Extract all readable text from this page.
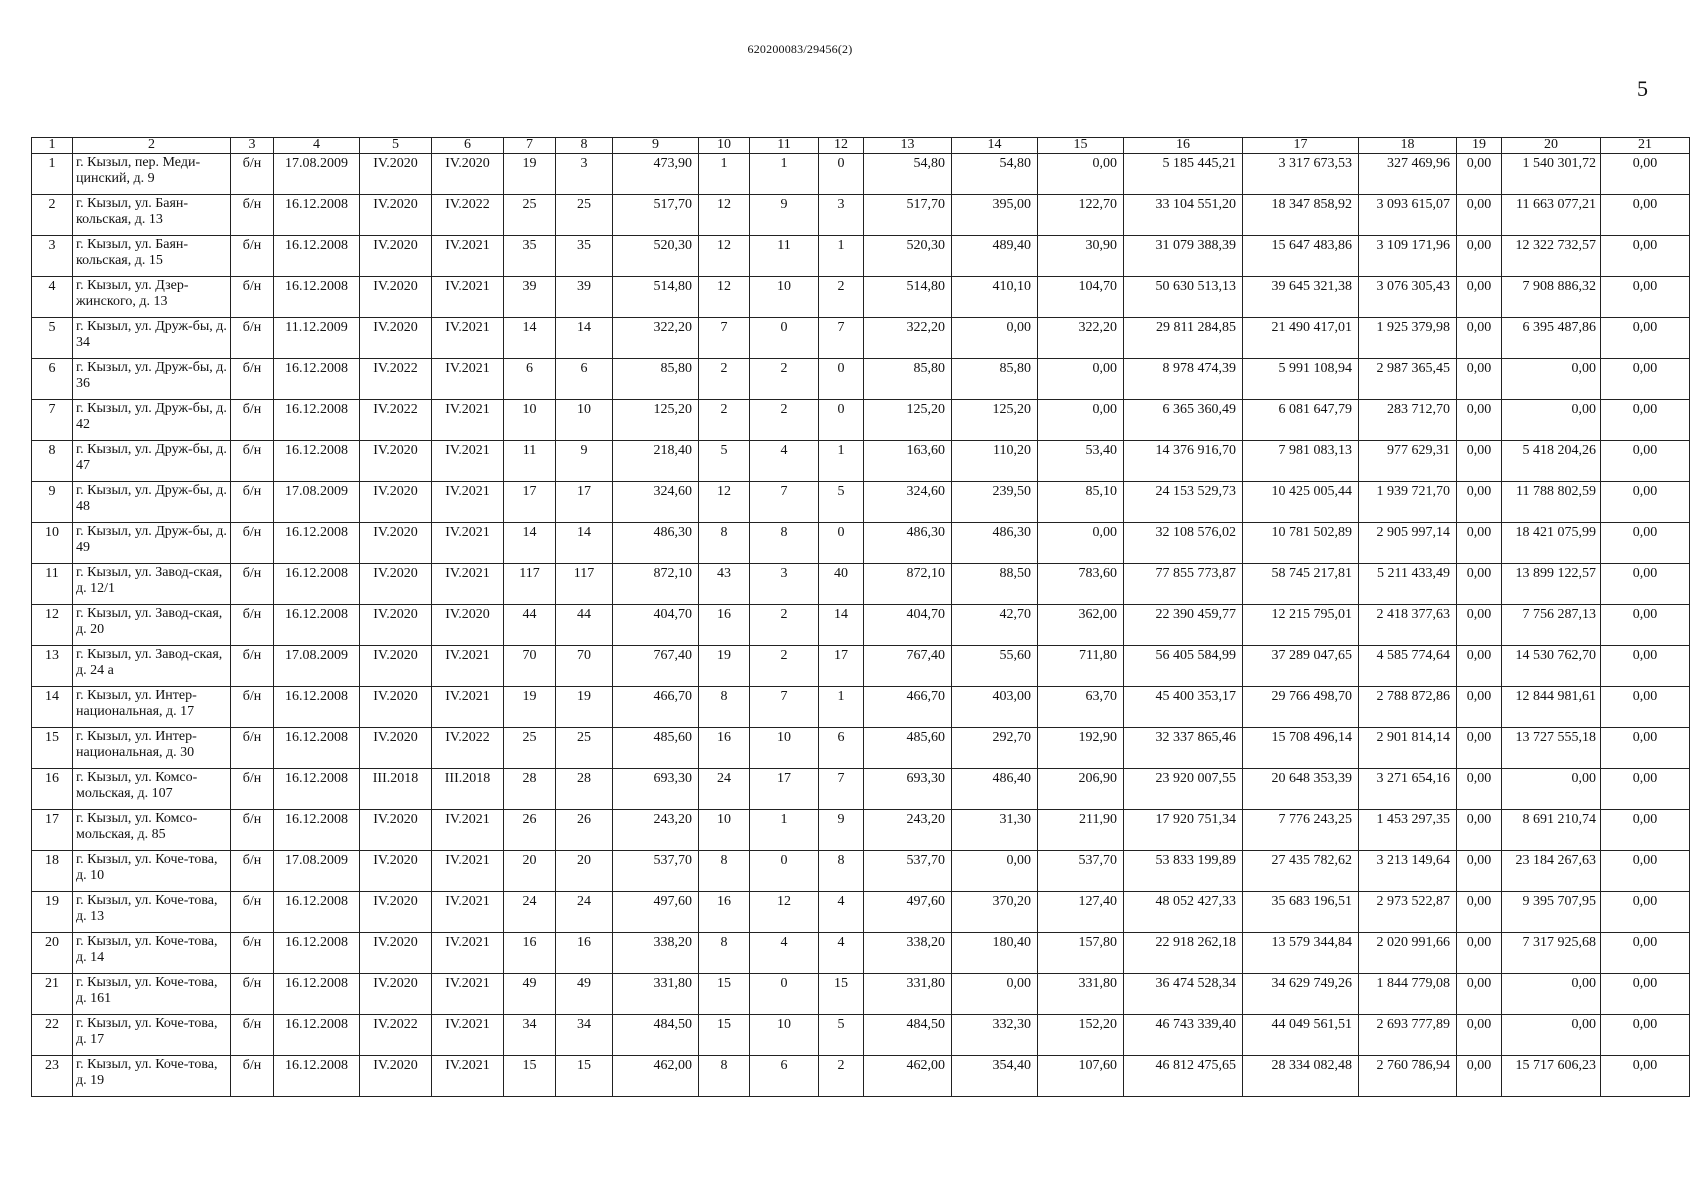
620200083/29456(2)
5
1	2	3	4	5	6	7	8	9	10	11	12	13	14	15	16	17	18	19	20	21
1	г. Кызыл, пер. Меди-цинский, д. 9	б/н	17.08.2009	IV.2020	IV.2020	19	3	473,90	1	1	0	54,80	54,80	0,00	5 185 445,21	3 317 673,53	327 469,96	0,00	1 540 301,72	0,00
2	г. Кызыл, ул. Баян-кольская, д. 13	б/н	16.12.2008	IV.2020	IV.2022	25	25	517,70	12	9	3	517,70	395,00	122,70	33 104 551,20	18 347 858,92	3 093 615,07	0,00	11 663 077,21	0,00
3	г. Кызыл, ул. Баян-кольская, д. 15	б/н	16.12.2008	IV.2020	IV.2021	35	35	520,30	12	11	1	520,30	489,40	30,90	31 079 388,39	15 647 483,86	3 109 171,96	0,00	12 322 732,57	0,00
4	г. Кызыл, ул. Дзер-жинского, д. 13	б/н	16.12.2008	IV.2020	IV.2021	39	39	514,80	12	10	2	514,80	410,10	104,70	50 630 513,13	39 645 321,38	3 076 305,43	0,00	7 908 886,32	0,00
5	г. Кызыл, ул. Друж-бы, д. 34	б/н	11.12.2009	IV.2020	IV.2021	14	14	322,20	7	0	7	322,20	0,00	322,20	29 811 284,85	21 490 417,01	1 925 379,98	0,00	6 395 487,86	0,00
6	г. Кызыл, ул. Друж-бы, д. 36	б/н	16.12.2008	IV.2022	IV.2021	6	6	85,80	2	2	0	85,80	85,80	0,00	8 978 474,39	5 991 108,94	2 987 365,45	0,00	0,00	0,00
7	г. Кызыл, ул. Друж-бы, д. 42	б/н	16.12.2008	IV.2022	IV.2021	10	10	125,20	2	2	0	125,20	125,20	0,00	6 365 360,49	6 081 647,79	283 712,70	0,00	0,00	0,00
8	г. Кызыл, ул. Друж-бы, д. 47	б/н	16.12.2008	IV.2020	IV.2021	11	9	218,40	5	4	1	163,60	110,20	53,40	14 376 916,70	7 981 083,13	977 629,31	0,00	5 418 204,26	0,00
9	г. Кызыл, ул. Друж-бы, д. 48	б/н	17.08.2009	IV.2020	IV.2021	17	17	324,60	12	7	5	324,60	239,50	85,10	24 153 529,73	10 425 005,44	1 939 721,70	0,00	11 788 802,59	0,00
10	г. Кызыл, ул. Друж-бы, д. 49	б/н	16.12.2008	IV.2020	IV.2021	14	14	486,30	8	8	0	486,30	486,30	0,00	32 108 576,02	10 781 502,89	2 905 997,14	0,00	18 421 075,99	0,00
11	г. Кызыл, ул. Завод-ская, д. 12/1	б/н	16.12.2008	IV.2020	IV.2021	117	117	872,10	43	3	40	872,10	88,50	783,60	77 855 773,87	58 745 217,81	5 211 433,49	0,00	13 899 122,57	0,00
12	г. Кызыл, ул. Завод-ская, д. 20	б/н	16.12.2008	IV.2020	IV.2020	44	44	404,70	16	2	14	404,70	42,70	362,00	22 390 459,77	12 215 795,01	2 418 377,63	0,00	7 756 287,13	0,00
13	г. Кызыл, ул. Завод-ская, д. 24 а	б/н	17.08.2009	IV.2020	IV.2021	70	70	767,40	19	2	17	767,40	55,60	711,80	56 405 584,99	37 289 047,65	4 585 774,64	0,00	14 530 762,70	0,00
14	г. Кызыл, ул. Интер-национальная, д. 17	б/н	16.12.2008	IV.2020	IV.2021	19	19	466,70	8	7	1	466,70	403,00	63,70	45 400 353,17	29 766 498,70	2 788 872,86	0,00	12 844 981,61	0,00
15	г. Кызыл, ул. Интер-национальная, д. 30	б/н	16.12.2008	IV.2020	IV.2022	25	25	485,60	16	10	6	485,60	292,70	192,90	32 337 865,46	15 708 496,14	2 901 814,14	0,00	13 727 555,18	0,00
16	г. Кызыл, ул. Комсо-мольская, д. 107	б/н	16.12.2008	III.2018	III.2018	28	28	693,30	24	17	7	693,30	486,40	206,90	23 920 007,55	20 648 353,39	3 271 654,16	0,00	0,00	0,00
17	г. Кызыл, ул. Комсо-мольская, д. 85	б/н	16.12.2008	IV.2020	IV.2021	26	26	243,20	10	1	9	243,20	31,30	211,90	17 920 751,34	7 776 243,25	1 453 297,35	0,00	8 691 210,74	0,00
18	г. Кызыл, ул. Коче-това, д. 10	б/н	17.08.2009	IV.2020	IV.2021	20	20	537,70	8	0	8	537,70	0,00	537,70	53 833 199,89	27 435 782,62	3 213 149,64	0,00	23 184 267,63	0,00
19	г. Кызыл, ул. Коче-това, д. 13	б/н	16.12.2008	IV.2020	IV.2021	24	24	497,60	16	12	4	497,60	370,20	127,40	48 052 427,33	35 683 196,51	2 973 522,87	0,00	9 395 707,95	0,00
20	г. Кызыл, ул. Коче-това, д. 14	б/н	16.12.2008	IV.2020	IV.2021	16	16	338,20	8	4	4	338,20	180,40	157,80	22 918 262,18	13 579 344,84	2 020 991,66	0,00	7 317 925,68	0,00
21	г. Кызыл, ул. Коче-това, д. 161	б/н	16.12.2008	IV.2020	IV.2021	49	49	331,80	15	0	15	331,80	0,00	331,80	36 474 528,34	34 629 749,26	1 844 779,08	0,00	0,00	0,00
22	г. Кызыл, ул. Коче-това, д. 17	б/н	16.12.2008	IV.2022	IV.2021	34	34	484,50	15	10	5	484,50	332,30	152,20	46 743 339,40	44 049 561,51	2 693 777,89	0,00	0,00	0,00
23	г. Кызыл, ул. Коче-това, д. 19	б/н	16.12.2008	IV.2020	IV.2021	15	15	462,00	8	6	2	462,00	354,40	107,60	46 812 475,65	28 334 082,48	2 760 786,94	0,00	15 717 606,23	0,00
